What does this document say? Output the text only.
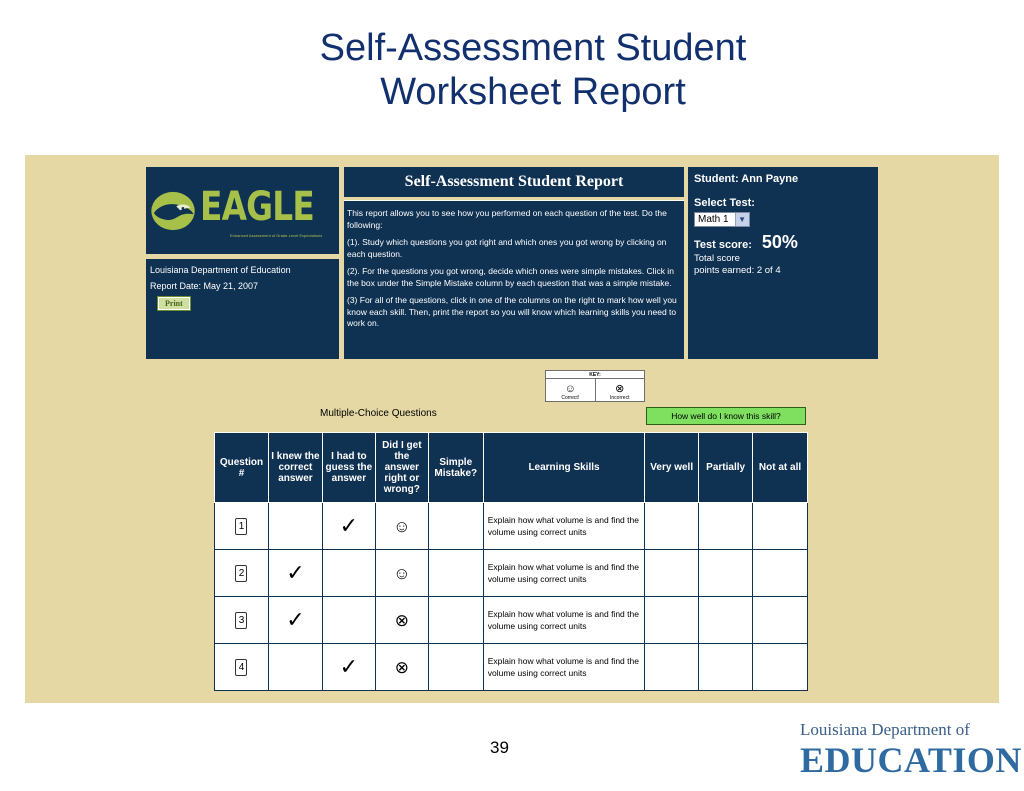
Self-Assessment Student
Worksheet Report
EAGLE
Enhanced Assessment of Grade-Level Expectations
Louisiana Department of Education
Report Date: May 21, 2007
Print
Self-Assessment Student Report

This report allows you to see how you performed on each question of the test. Do the following:

(1). Study which questions you got right and which ones you got wrong by clicking on each question.

(2). For the questions you got wrong, decide which ones were simple mistakes. Click in the box under the Simple Mistake column by each question that was a simple mistake.

(3) For all of the questions, click in one of the columns on the right to mark how well you know each skill. Then, print the report so you will know which learning skills you need to work on.

Student: Ann Payne
Select Test:
Math 1	▼
Test score: 50%
Total score
points earned: 2 of 4
KEY:
☺
Correct!
⊗
Incorrect
Multiple-Choice Questions	How well do I know this skill?
Question #	I knew the correct answer	I had to guess the answer	Did I get the answer right or wrong?	Simple Mistake?	Learning Skills	Very well	Partially	Not at all
1		✓	☺		Explain how what volume is and find the volume using correct units			
2	✓		☺		Explain how what volume is and find the volume using correct units			
3	✓		⊗		Explain how what volume is and find the volume using correct units			
4		✓	⊗		Explain how what volume is and find the volume using correct units			
39
Louisiana Department of
EDUCATION
